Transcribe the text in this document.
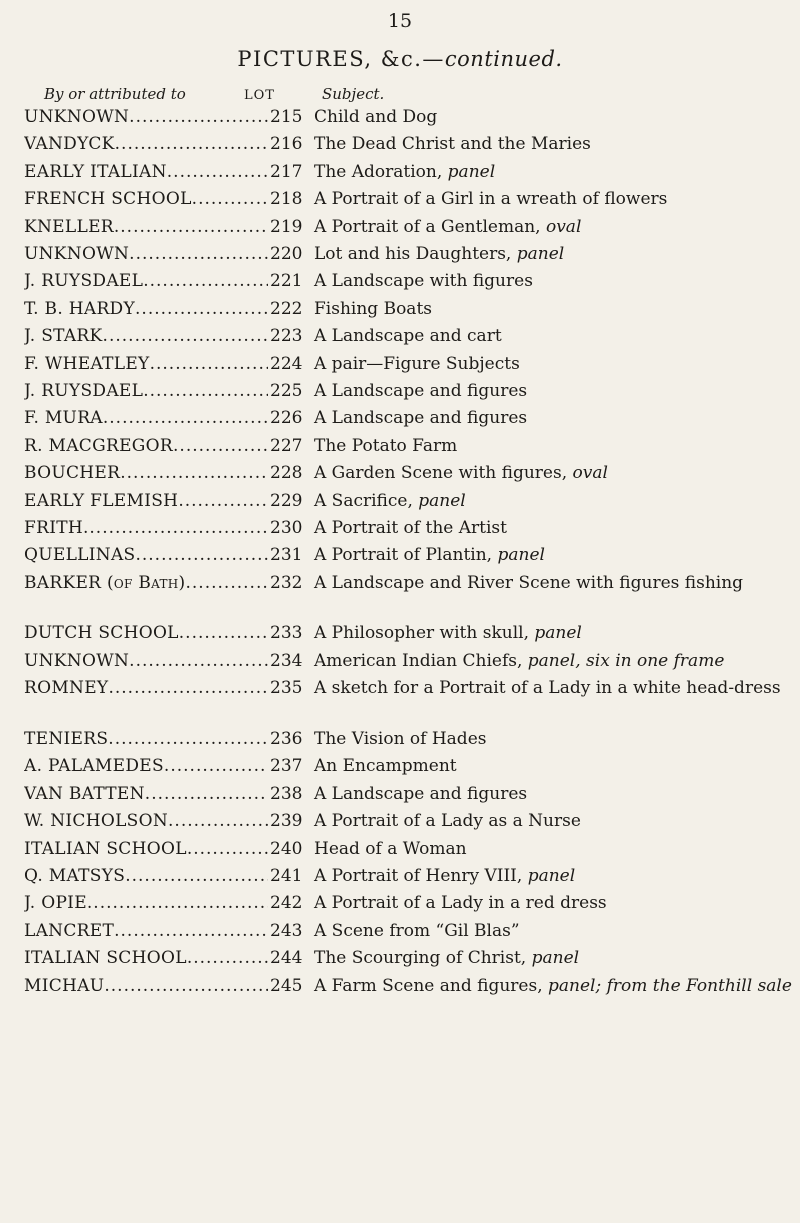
15
PICTURES, &c.—continued.
By or attributed to	LOT	Subject.
UNKNOWN .....	215 Child and Dog
VANDYCK .....	216 The Dead Christ and the Maries
EARLY ITALIAN .....	217 The Adoration, panel
FRENCH SCHOOL .....	218 A Portrait of a Girl in a wreath of flowers
KNELLER .....	219 A Portrait of a Gentleman, oval
UNKNOWN .....	220 Lot and his Daughters, panel
J. RUYSDAEL .....	221 A Landscape with figures
T. B. HARDY .....	222 Fishing Boats
J. STARK .....	223 A Landscape and cart
F. WHEATLEY .....	224 A pair—Figure Subjects
J. RUYSDAEL .....	225 A Landscape and figures
F. MURA .....	226 A Landscape and figures
R. MACGREGOR .....	227 The Potato Farm
BOUCHER .....	228 A Garden Scene with figures, oval
EARLY FLEMISH .....	229 A Sacrifice, panel
FRITH .....	230 A Portrait of the Artist
QUELLINAS .....	231 A Portrait of Plantin, panel
BARKER (of Bath) .....	232 A Landscape and River Scene with figures fishing
DUTCH SCHOOL .....	233 A Philosopher with skull, panel
UNKNOWN .....	234 American Indian Chiefs, panel, six in one frame
ROMNEY .....	235 A sketch for a Portrait of a Lady in a white head-dress
TENIERS .....	236 The Vision of Hades
A. PALAMEDES .....	237 An Encampment
VAN BATTEN .....	238 A Landscape and figures
W. NICHOLSON .....	239 A Portrait of a Lady as a Nurse
ITALIAN SCHOOL .....	240 Head of a Woman
Q. MATSYS .....	241 A Portrait of Henry VIII, panel
J. OPIE .....	242 A Portrait of a Lady in a red dress
LANCRET .....	243 A Scene from “Gil Blas”
ITALIAN SCHOOL .....	244 The Scourging of Christ, panel
MICHAU .....	245 A Farm Scene and figures, panel; from the Fonthill sale
